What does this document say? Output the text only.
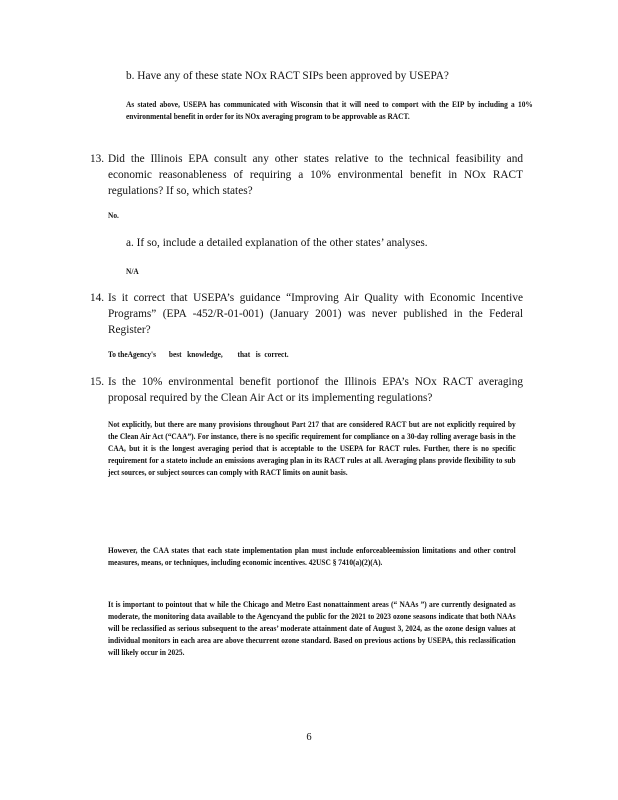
b. Have any of these state NOx RACT SIPs been approved by USEPA?
As stated above, USEPA has communicated with Wisconsin that it will need to comport with the EIP by including a 10% environmental benefit in order for its NOx averaging program to be approvable as RACT.
13. Did the Illinois EPA consult any other states relative to the technical feasibility and economic reasonableness of requiring a 10% environmental benefit in NOx RACT regulations? If so, which states?
No.
a. If so, include a detailed explanation of the other states’ analyses.
N/A
14. Is it correct that USEPA’s guidance “Improving Air Quality with Economic Incentive Programs” (EPA -452/R-01-001) (January 2001) was never published in the Federal Register?
To theAgency's       best   knowledge,        that   is  correct.
15. Is the 10% environmental benefit portionof the Illinois EPA’s NOx RACT averaging proposal required by the Clean Air Act or its implementing regulations?
Not explicitly, but there are many provisions throughout Part 217 that are considered RACT but are not explicitly required by the Clean Air Act (“CAA”). For instance, there is no specific requirement for compliance on a 30-day rolling average basis in the CAA, but it is the longest averaging period that is acceptable to the USEPA for RACT rules. Further, there is no specific requirement for a stateto include an emissions averaging plan in its RACT rules at all. Averaging plans provide flexibility to sub ject sources, or subject sources can comply with RACT limits on aunit basis.
However, the CAA states that each state implementation plan must include enforceableemission limitations and other control measures, means, or techniques, including economic incentives. 42USC § 7410(a)(2)(A).
It is important to pointout that w hile the Chicago and Metro East nonattainment areas (“ NAAs ”) are currently designated as moderate, the monitoring data available to the Agencyand the public for the 2021 to 2023 ozone seasons indicate that both NAAs will be reclassified as serious subsequent to the areas’ moderate attainment date of August 3, 2024, as the ozone design values at individual monitors in each area are above thecurrent ozone standard. Based on previous actions by USEPA, this reclassification will likely occur in 2025.
6
